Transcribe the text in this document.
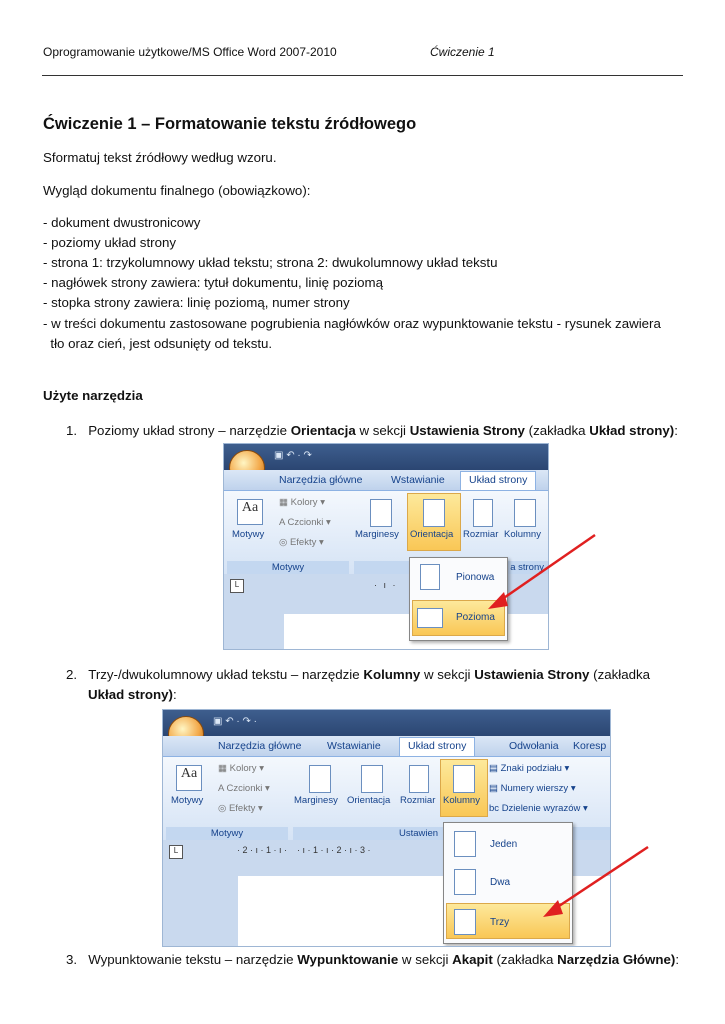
Oprogramowanie użytkowe/MS Office Word 2007-2010	Ćwiczenie 1
Ćwiczenie 1 – Formatowanie tekstu źródłowego
Sformatuj tekst źródłowy według wzoru.
Wygląd dokumentu finalnego (obowiązkowo):
- dokument dwustronicowy
- poziomy układ strony
- strona 1: trzykolumnowy układ tekstu; strona 2: dwukolumnowy układ tekstu
- nagłówek strony zawiera: tytuł dokumentu, linię poziomą
- stopka strony zawiera: linię poziomą, numer strony
- w treści dokumentu zastosowane pogrubienia nagłówków oraz wypunktowanie tekstu - rysunek zawiera
tło oraz cień, jest odsunięty od tekstu.
Użyte narzędzia
1. Poziomy układ strony – narzędzie Orientacja w sekcji Ustawienia Strony (zakładka Układ strony):
▣ ↶ · ↷
Narzędzia główne	Wstawianie	Układ strony
Aa
Motywy
▦ Kolory ▾
A Czcionki ▾
◎ Efekty ▾
Motywy
Marginesy Orientacja Rozmiar Kolumny
a strony
L	· ı ·
Pionowa
Pozioma
2. Trzy-/dwukolumnowy układ tekstu – narzędzie Kolumny w sekcji Ustawienia Strony (zakładka
Układ strony):
▣ ↶ · ↷ ·
Narzędzia główne Wstawianie	Układ strony	Odwołania Koresp
Aa
Motywy
▦ Kolory ▾
A Czcionki ▾
◎ Efekty ▾
Motywy
Marginesy Orientacja Rozmiar Kolumny
▤ Znaki podziału ▾
▤ Numery wierszy ▾
bc Dzielenie wyrazów ▾
Ustawien
L	· 2 · ı · 1 · ı ·    · ı · 1 · ı · 2 · ı · 3 ·	Jeden
Dwa
Trzy
3. Wypunktowanie tekstu – narzędzie Wypunktowanie w sekcji Akapit (zakładka Narzędzia Główne):
